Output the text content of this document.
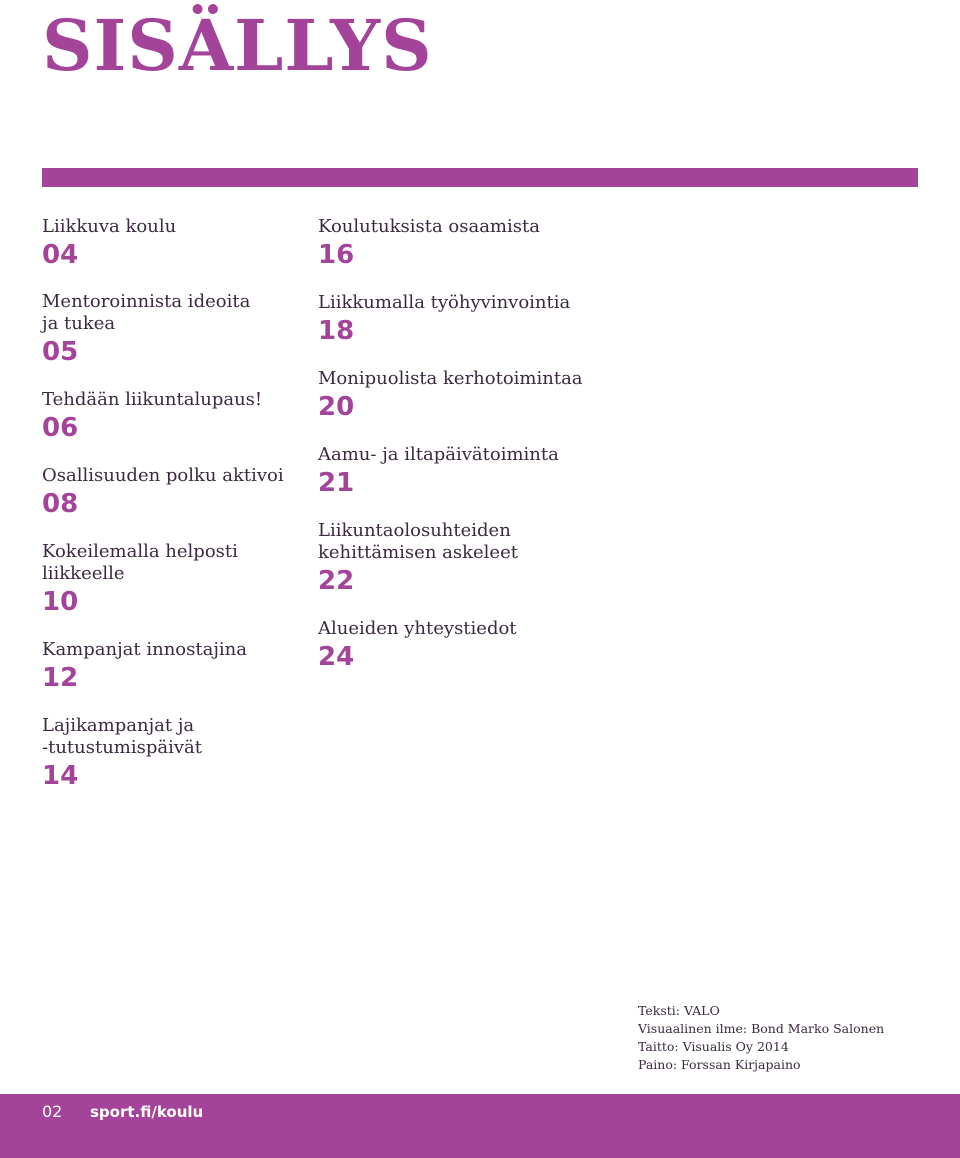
SISÄLLYS
Liikkuva koulu
04
Mentoroinnista ideoita
ja tukea
05
Tehdään liikuntalupaus!
06
Osallisuuden polku aktivoi
08
Kokeilemalla helposti
liikkeelle
10
Kampanjat innostajina
12
Lajikampanjat ja
-tutustumispäivät
14
Koulutuksista osaamista
16
Liikkumalla työhyvinvointia
18
Monipuolista kerhotoimintaa
20
Aamu- ja iltapäivätoiminta
21
Liikuntaolosuhteiden
kehittämisen askeleet
22
Alueiden yhteystiedot
24
Teksti: VALO
Visuaalinen ilme: Bond Marko Salonen
Taitto: Visualis Oy 2014
Paino: Forssan Kirjapaino
02 sport.fi/koulu
